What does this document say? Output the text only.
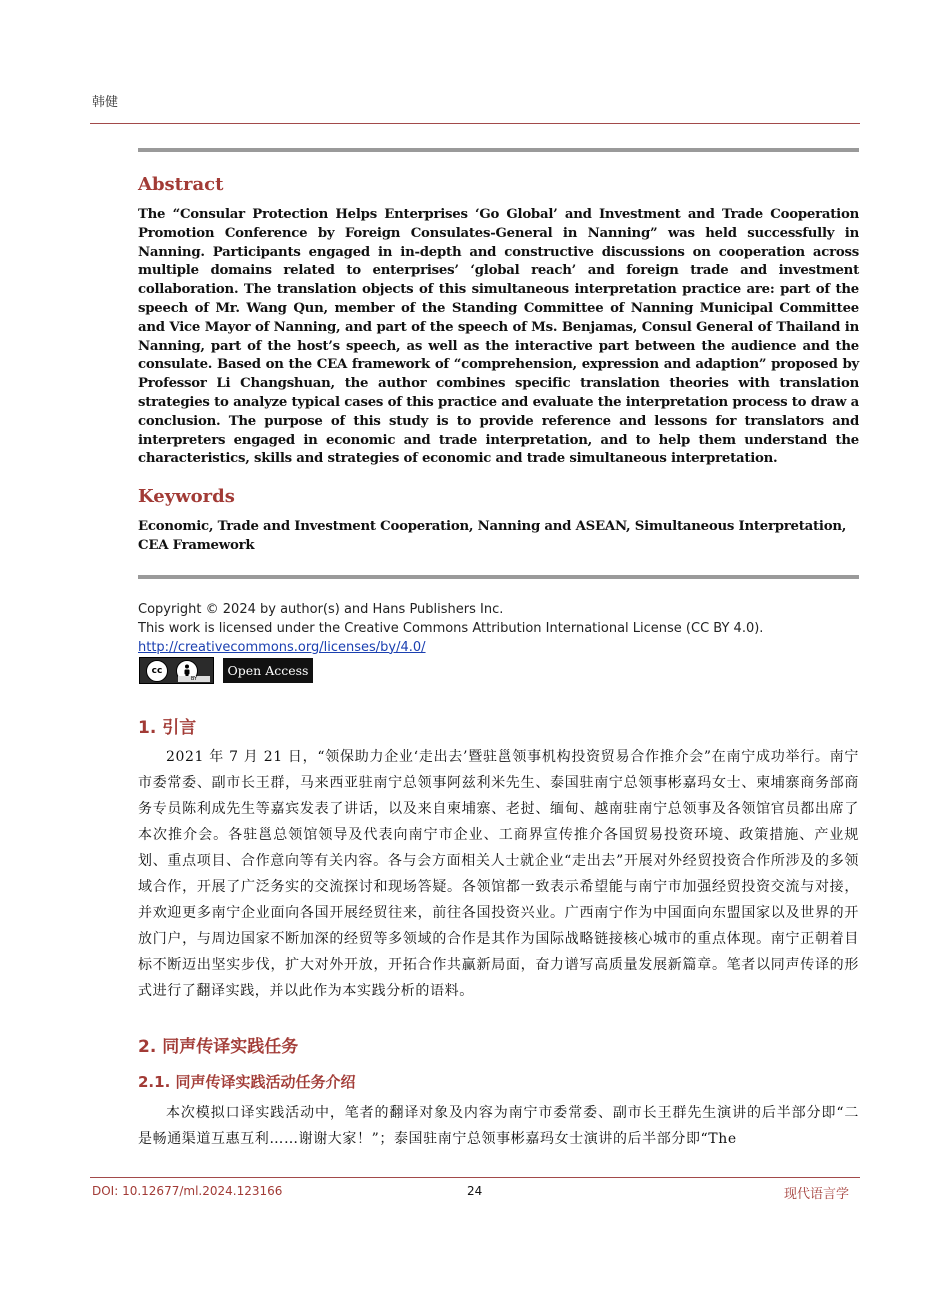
韩健
Abstract
The “Consular Protection Helps Enterprises ‘Go Global’ and Investment and Trade Cooperation Promotion Conference by Foreign Consulates-General in Nanning” was held successfully in Nanning. Participants engaged in in-depth and constructive discussions on cooperation across multiple domains related to enterprises’ ‘global reach’ and foreign trade and investment collaboration. The translation objects of this simultaneous interpretation practice are: part of the speech of Mr. Wang Qun, member of the Standing Committee of Nanning Municipal Committee and Vice Mayor of Nanning, and part of the speech of Ms. Benjamas, Consul General of Thailand in Nanning, part of the host’s speech, as well as the interactive part between the audience and the consulate. Based on the CEA framework of “comprehension, expression and adaption” proposed by Professor Li Changshuan, the author combines specific translation theories with translation strategies to analyze typical cases of this practice and evaluate the interpretation process to draw a conclusion. The purpose of this study is to provide reference and lessons for translators and interpreters engaged in economic and trade interpretation, and to help them understand the characteristics, skills and strategies of economic and trade simultaneous interpretation.
Keywords
Economic, Trade and Investment Cooperation, Nanning and ASEAN, Simultaneous Interpretation, CEA Framework
Copyright © 2024 by author(s) and Hans Publishers Inc.
This work is licensed under the Creative Commons Attribution International License (CC BY 4.0).
http://creativecommons.org/licenses/by/4.0/
cc
BY
Open Access
1. 引言
2021 年 7 月 21 日，“领保助力企业‘走出去’暨驻邕领事机构投资贸易合作推介会”在南宁成功举行。南宁市委常委、副市长王群，马来西亚驻南宁总领事阿兹利米先生、泰国驻南宁总领事彬嘉玛女士、柬埔寨商务部商务专员陈利成先生等嘉宾发表了讲话，以及来自柬埔寨、老挝、缅甸、越南驻南宁总领事及各领馆官员都出席了本次推介会。各驻邕总领馆领导及代表向南宁市企业、工商界宣传推介各国贸易投资环境、政策措施、产业规划、重点项目、合作意向等有关内容。各与会方面相关人士就企业“走出去”开展对外经贸投资合作所涉及的多领域合作，开展了广泛务实的交流探讨和现场答疑。各领馆都一致表示希望能与南宁市加强经贸投资交流与对接，并欢迎更多南宁企业面向各国开展经贸往来，前往各国投资兴业。广西南宁作为中国面向东盟国家以及世界的开放门户，与周边国家不断加深的经贸等多领域的合作是其作为国际战略链接核心城市的重点体现。南宁正朝着目标不断迈出坚实步伐，扩大对外开放，开拓合作共赢新局面，奋力谱写高质量发展新篇章。笔者以同声传译的形式进行了翻译实践，并以此作为本实践分析的语料。
2. 同声传译实践任务
2.1. 同声传译实践活动任务介绍
本次模拟口译实践活动中，笔者的翻译对象及内容为南宁市委常委、副市长王群先生演讲的后半部分即“二是畅通渠道互惠互利……谢谢大家！”；泰国驻南宁总领事彬嘉玛女士演讲的后半部分即“The
DOI: 10.12677/ml.2024.123166	24	现代语言学
